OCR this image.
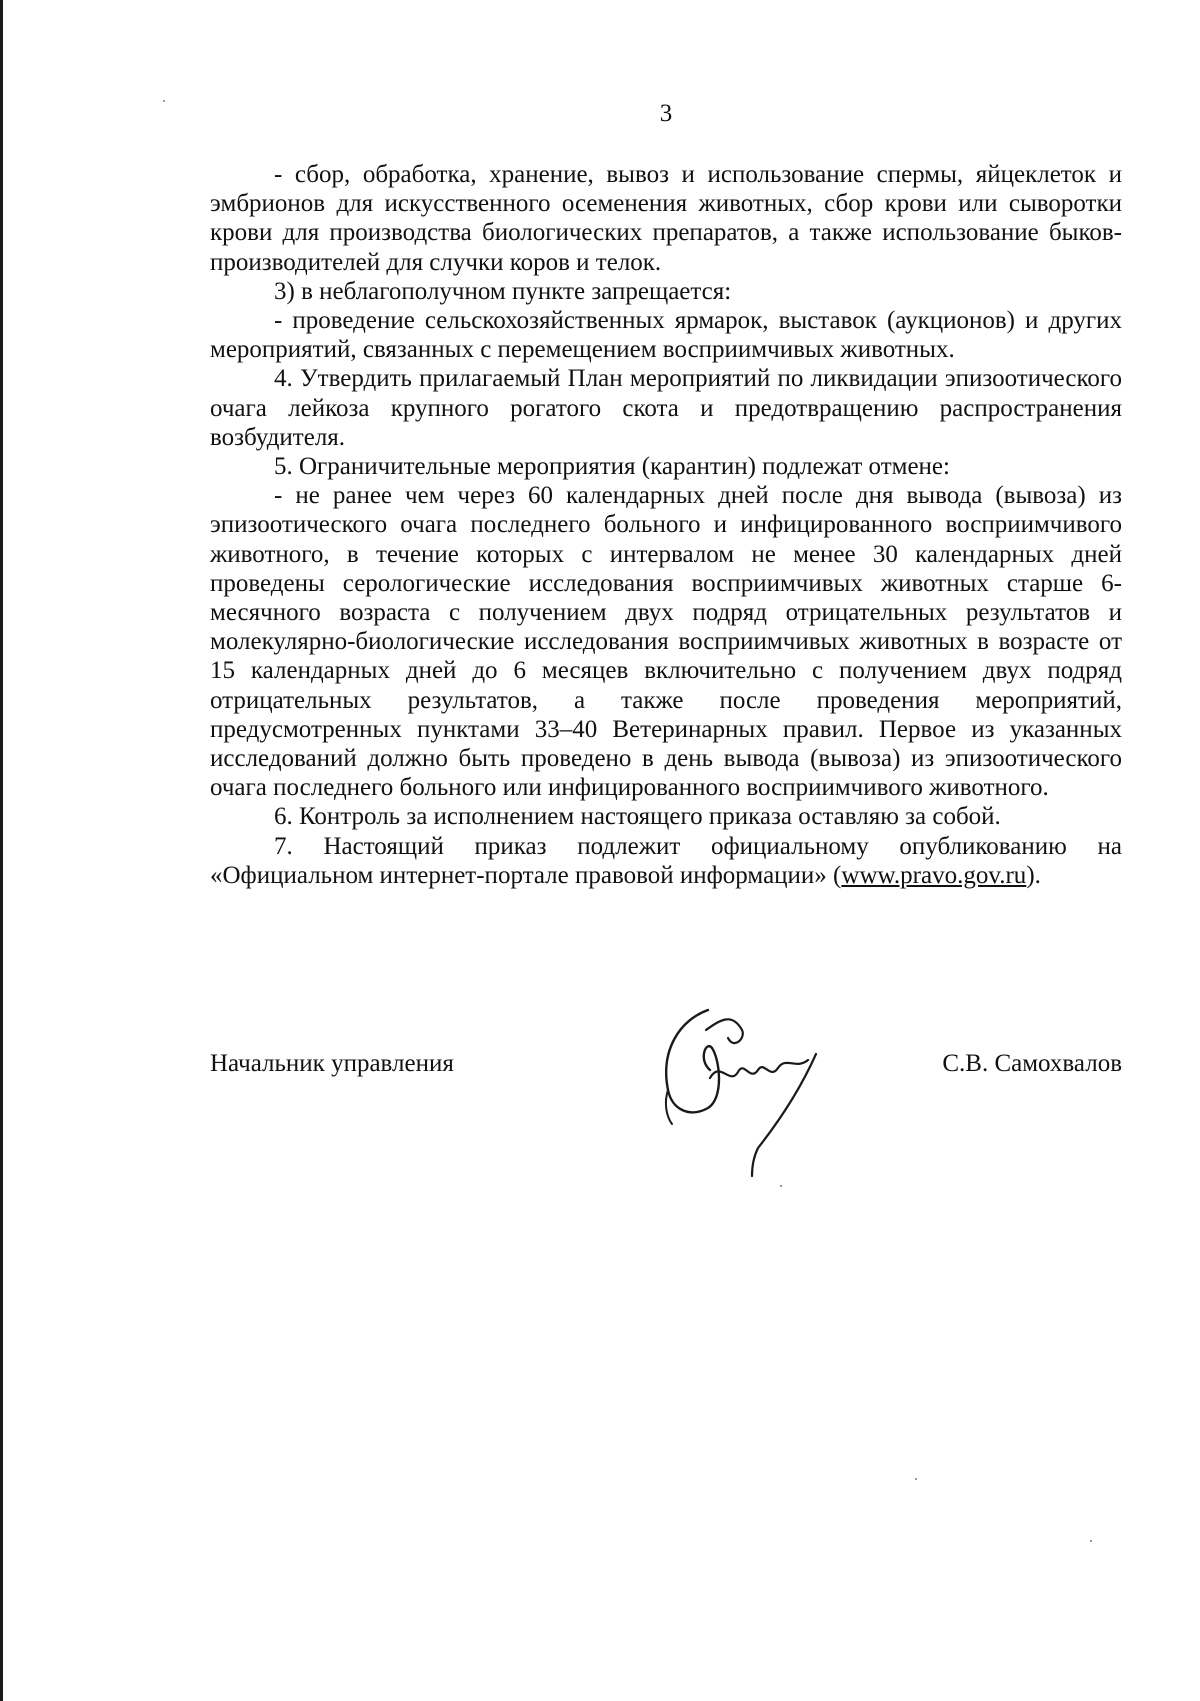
3

- сбор, обработка, хранение, вывоз и использование спермы, яйцеклеток и эмбрионов для искусственного осеменения животных, сбор крови или сыворотки крови для производства биологических препаратов, а также использование быков-производителей для случки коров и телок.

3) в неблагополучном пункте запрещается:

- проведение сельскохозяйственных ярмарок, выставок (аукционов) и других мероприятий, связанных с перемещением восприимчивых животных.

4. Утвердить прилагаемый План мероприятий по ликвидации эпизоотического очага лейкоза крупного рогатого скота и предотвращению распространения возбудителя.

5. Ограничительные мероприятия (карантин) подлежат отмене:

- не ранее чем через 60 календарных дней после дня вывода (вывоза) из эпизоотического очага последнего больного и инфицированного восприимчивого животного, в течение которых с интервалом не менее 30 календарных дней проведены серологические исследования восприимчивых животных старше 6-месячного возраста с получением двух подряд отрицательных результатов и молекулярно-биологические исследования восприимчивых животных в возрасте от 15 календарных дней до 6 месяцев включительно с получением двух подряд отрицательных результатов, а также после проведения мероприятий, предусмотренных пунктами 33–40 Ветеринарных правил. Первое из указанных исследований должно быть проведено в день вывода (вывоза) из эпизоотического очага последнего больного или инфицированного восприимчивого животного.

6. Контроль за исполнением настоящего приказа оставляю за собой.

7. Настоящий приказ подлежит официальному опубликованию на «Официальном интернет-портале правовой информации» (www.pravo.gov.ru).

Начальник управления	С.В. Самохвалов
